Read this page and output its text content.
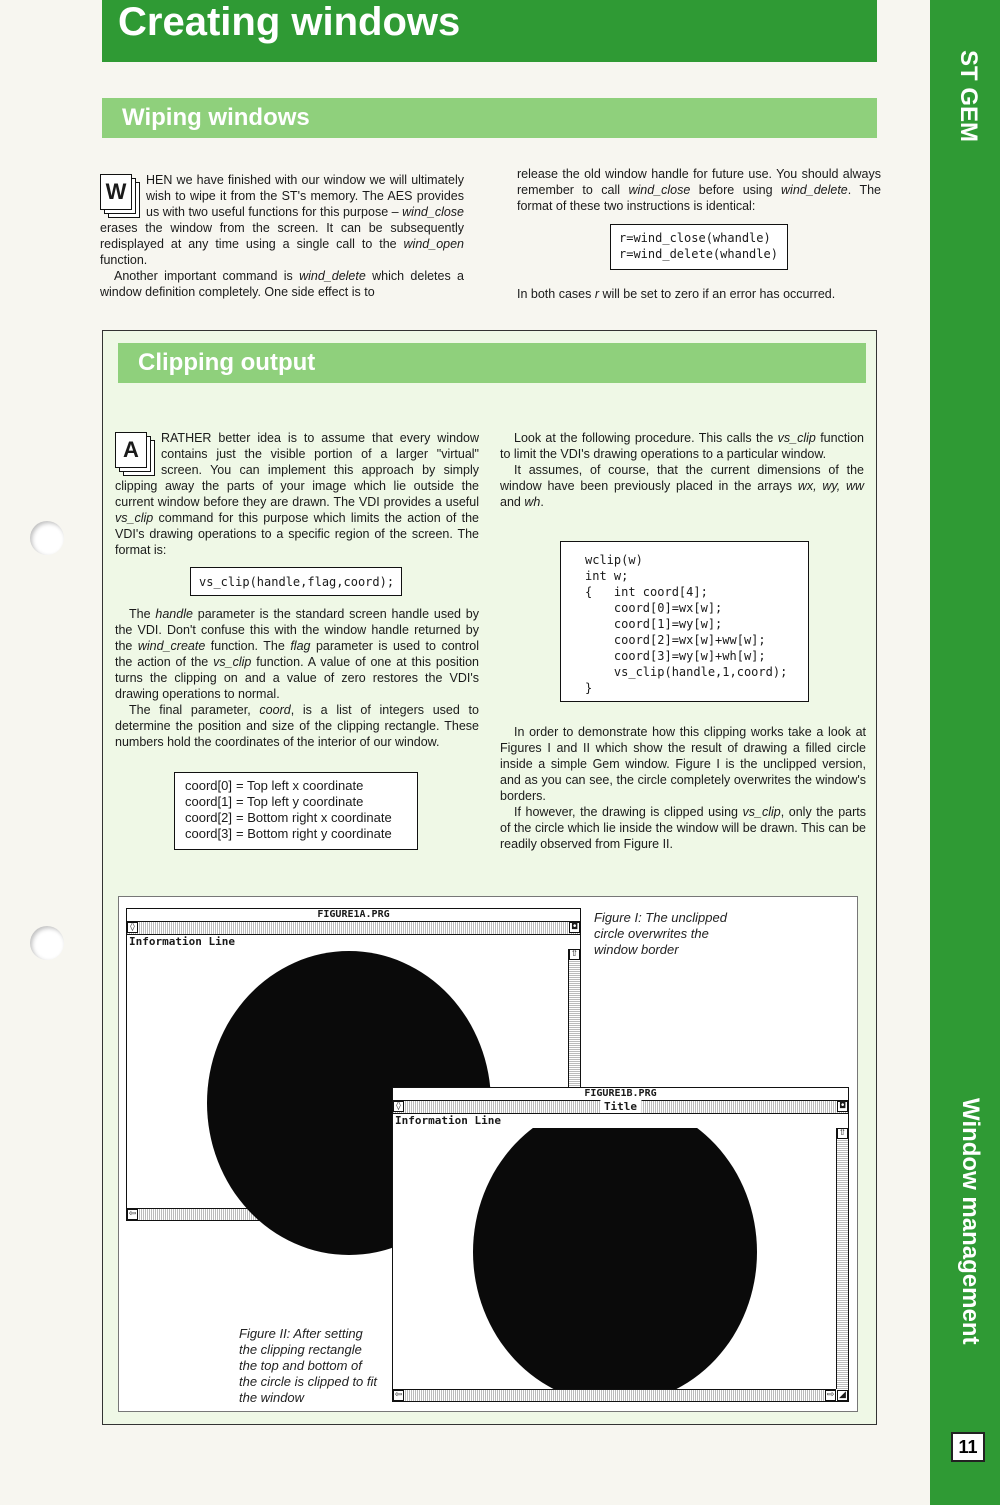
Creating windows
ST GEM
Window management
11
Wiping windows
W	HEN we have finished with our window we will ultimately wish to wipe it from the ST's memory. The AES provides us with two useful functions for this purpose – wind_close erases the window from the screen. It can be subsequently redisplayed at any time using a single call to the wind_open function.

Another important command is wind_delete which deletes a window definition completely. One side effect is to

release the old window handle for future use. You should always remember to call wind_close before using wind_delete. The format of these two instructions is identical:

r=wind_close(whandle)
r=wind_delete(whandle)

In both cases r will be set to zero if an error has occurred.

Clipping output
A	RATHER better idea is to assume that every window contains just the visible portion of a larger "virtual" screen. You can implement this approach by simply clipping away the parts of your image which lie outside the current window before they are drawn. The VDI provides a useful vs_clip command for this purpose which limits the action of the VDI's drawing operations to a specific region of the screen. The format is:

vs_clip(handle,flag,coord);

The handle parameter is the standard screen handle used by the VDI. Don't confuse this with the window handle returned by the wind_create function. The flag parameter is used to control the action of the vs_clip function. A value of one at this position turns the clipping on and a value of zero restores the VDI's drawing operations to normal.

The final parameter, coord, is a list of integers used to determine the position and size of the clipping rectangle. These numbers hold the coordinates of the interior of our window.

coord[0]	= Top left x coordinate
coord[1]	= Top left y coordinate
coord[2]	= Bottom right x coordinate
coord[3]	= Bottom right y coordinate

Look at the following procedure. This calls the vs_clip function to limit the VDI's drawing operations to a particular window.

It assumes, of course, that the current dimensions of the window have been previously placed in the arrays wx, wy, ww and wh.

wclip(w)
int w;
{   int coord[4];
coord[0]=wx[w];
coord[1]=wy[w];
coord[2]=wx[w]+ww[w];
coord[3]=wy[w]+wh[w];
vs_clip(handle,1,coord);
}

In order to demonstrate how this clipping works take a look at Figures I and II which show the result of drawing a filled circle inside a simple Gem window. Figure I is the unclipped version, and as you can see, the circle completely overwrites the window's borders.

If however, the drawing is clipped using vs_clip, only the parts of the circle which lie inside the window will be drawn. This can be readily observed from Figure II.

FIGURE1A.PRG
◊	◘
Information Line
⇧
⇦
FIGURE1B.PRG
Title
◊	◘
Information Line
⇧
⇦	⇨ ◢
Figure I: The unclipped circle overwrites the window border
Figure II: After setting the clipping rectangle the top and bottom of the circle is clipped to fit the window
